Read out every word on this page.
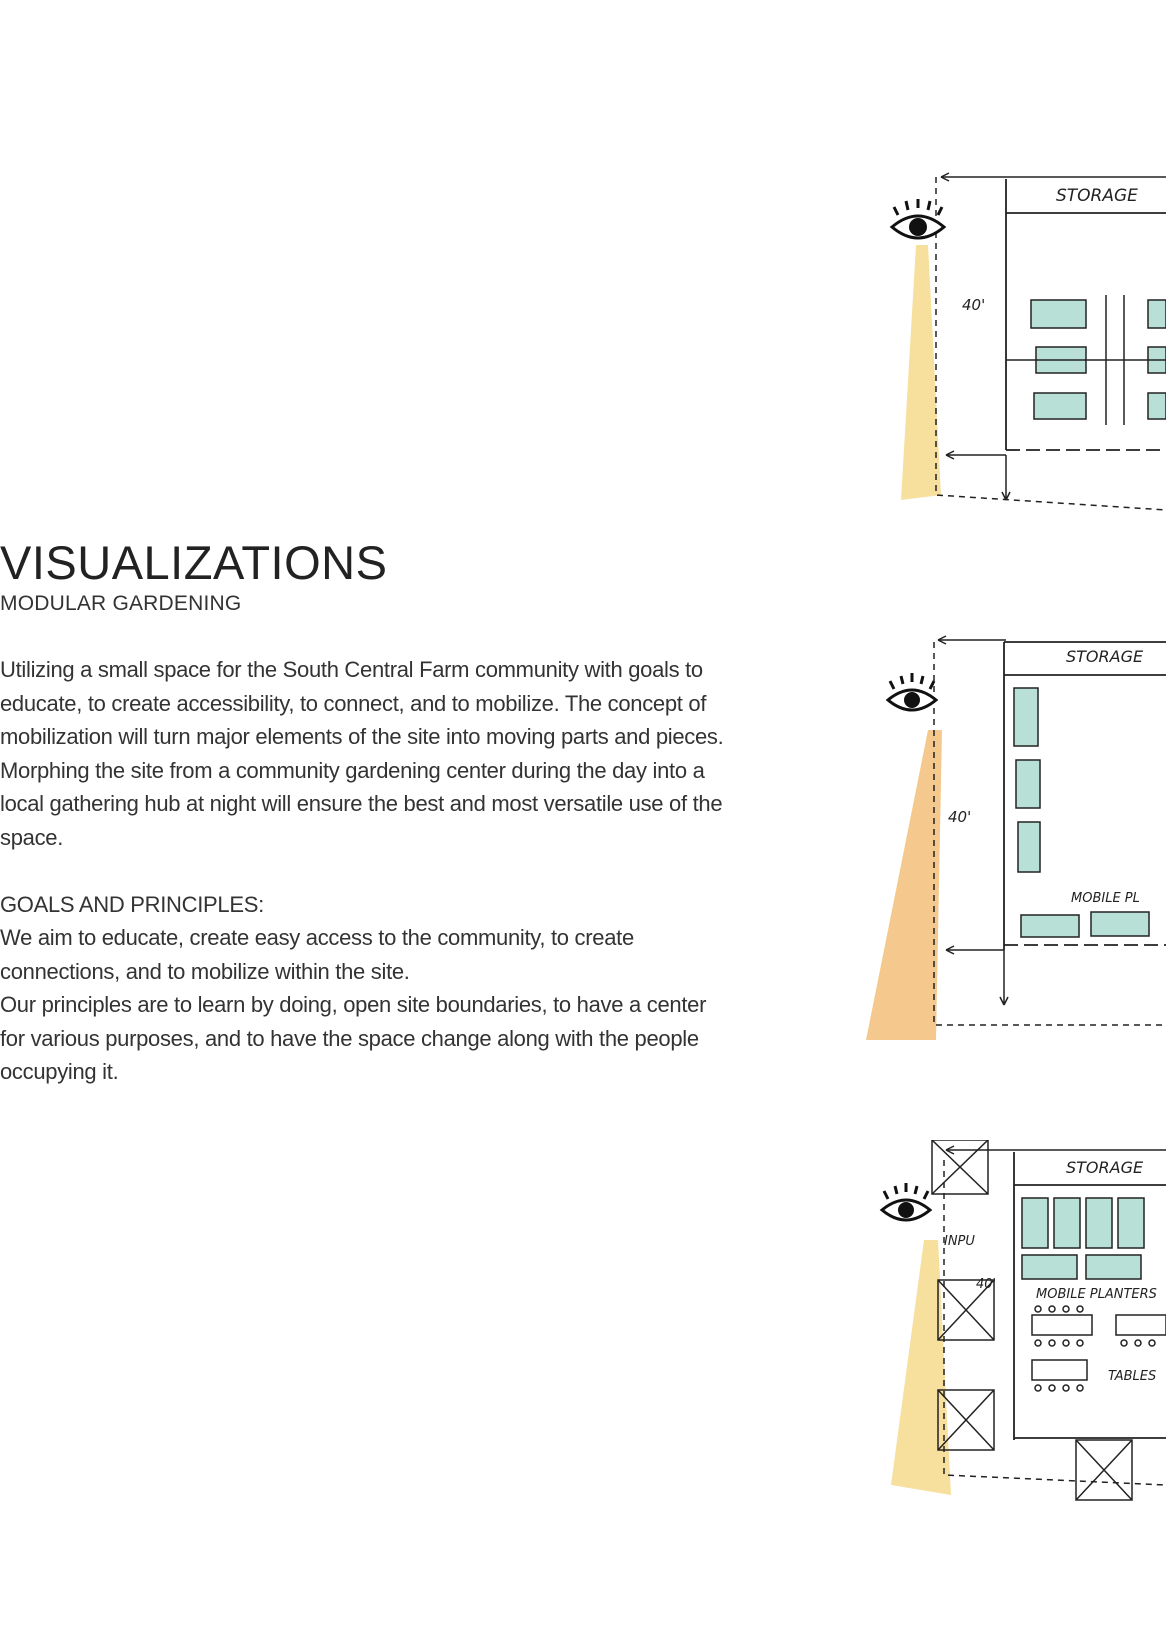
VISUALIZATIONS
MODULAR GARDENING

Utilizing a small space for the South Central Farm community with goals to

educate, to create accessibility, to connect, and to mobilize. The concept of

mobilization will turn major elements of the site into moving parts and pieces.

Morphing the site from a community gardening center during the day into a

local gathering hub at night will ensure the best and most versatile use of the

space.

GOALS AND PRINCIPLES:

We aim to educate, create easy access to the community, to create

connections, and to mobilize within the site.

Our principles are to learn by doing, open site boundaries, to have a center

for various purposes, and to have the space change along with the people

occupying it.

STORAGE
40'
STORAGE
40'
MOBILE PL
STORAGE
40'
INPU
MOBILE PLANTERS
TABLES
